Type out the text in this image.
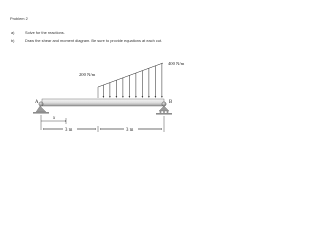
Problem 2
a)	Solve for the reactions.
b)	Draw the shear and moment diagram. Be sure to provide equations at each cut.
200 N/m
400 N/m
A	B
x
3 m	3 m
